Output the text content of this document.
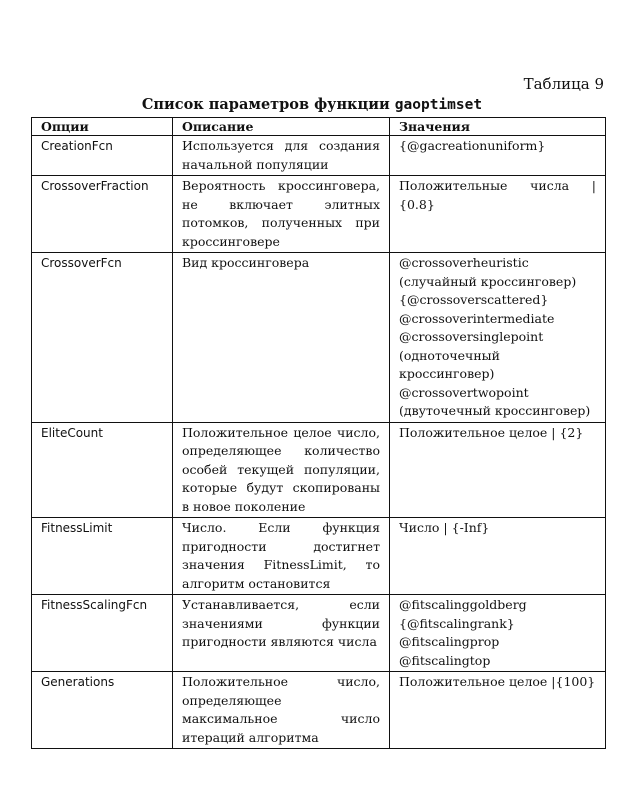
Таблица 9
Список параметров функции gaoptimset
Опции	Описание	Значения
CreationFcn	Используется для создания начальной популяции	{@gacreationuniform}

CrossoverFraction	Вероятность кроссинговера, не включает элитных потомков, полученных при кроссинговере	Положительные числа | {0.8}

CrossoverFcn	Вид кроссинговера	@crossoverheuristic (случайный кроссинговер)
{@crossoverscattered}
@crossoverintermediate
@crossoversinglepoint (одноточечный кроссинговер)
@crossovertwopoint (двуточечный кроссинговер)

EliteCount	Положительное целое число, определяющее количество особей текущей популяции, которые будут скопированы в новое поколение	Положительное целое | {2}

FitnessLimit	Число. Если функция пригодности достигнет значения FitnessLimit, то алгоритм остановится	Число | {-Inf}

FitnessScalingFcn	Устанавливается, если значениями функции пригодности являются числа	@fitscalinggoldberg
{@fitscalingrank}
@fitscalingprop
@fitscalingtop

Generations	Положительное число, определяющее максимальное число итераций алгоритма	Положительное целое |{100}
